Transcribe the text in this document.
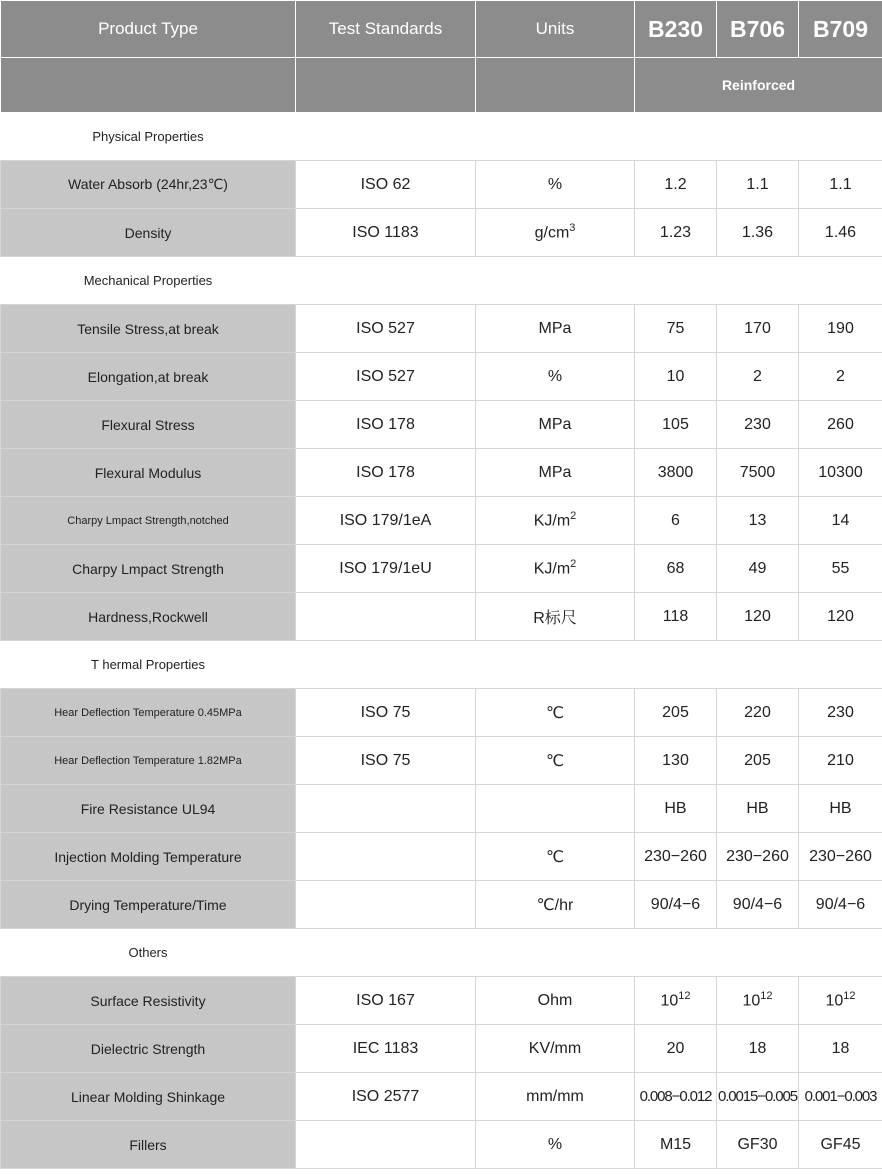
Product Type	Test Standards	Units	B230	B706	B709
			Reinforced		
Physical Properties					
Water Absorb (24hr,23℃)	ISO 62	%	1.2	1.1	1.1
Density	ISO 1183	$g/cm^3$	1.23	1.36	1.46
Mechanical Properties					
Tensile Stress,at break	ISO 527	MPa	75	170	190
Elongation,at break	ISO 527	%	10	2	2
Flexural Stress	ISO 178	MPa	105	230	260
Flexural Modulus	ISO 178	MPa	3800	7500	10300
Charpy Lmpact Strength,notched	ISO 179/1eA	$KJ/m^2$	6	13	14
Charpy Lmpact Strength	ISO 179/1eU	$KJ/m^2$	68	49	55
Hardness,Rockwell		R标尺	118	120	120
T hermal Properties					
Hear Deflection Temperature 0.45MPa	ISO 75	℃	205	220	230
Hear Deflection Temperature 1.82MPa	ISO 75	℃	130	205	210
Fire Resistance UL94			HB	HB	HB
Injection Molding Temperature		℃	230−260	230−260	230−260
Drying Temperature/Time		℃/hr	90/4−6	90/4−6	90/4−6
Others					
Surface Resistivity	ISO 167	Ohm	$10^{12}$	$10^{12}$	$10^{12}$
Dielectric Strength	IEC 1183	KV/mm	20	18	18
Linear Molding Shinkage	ISO 2577	mm/mm	0.008−0.012	0.0015−0.005	0.001−0.003
Fillers		%	M15	GF30	GF45
